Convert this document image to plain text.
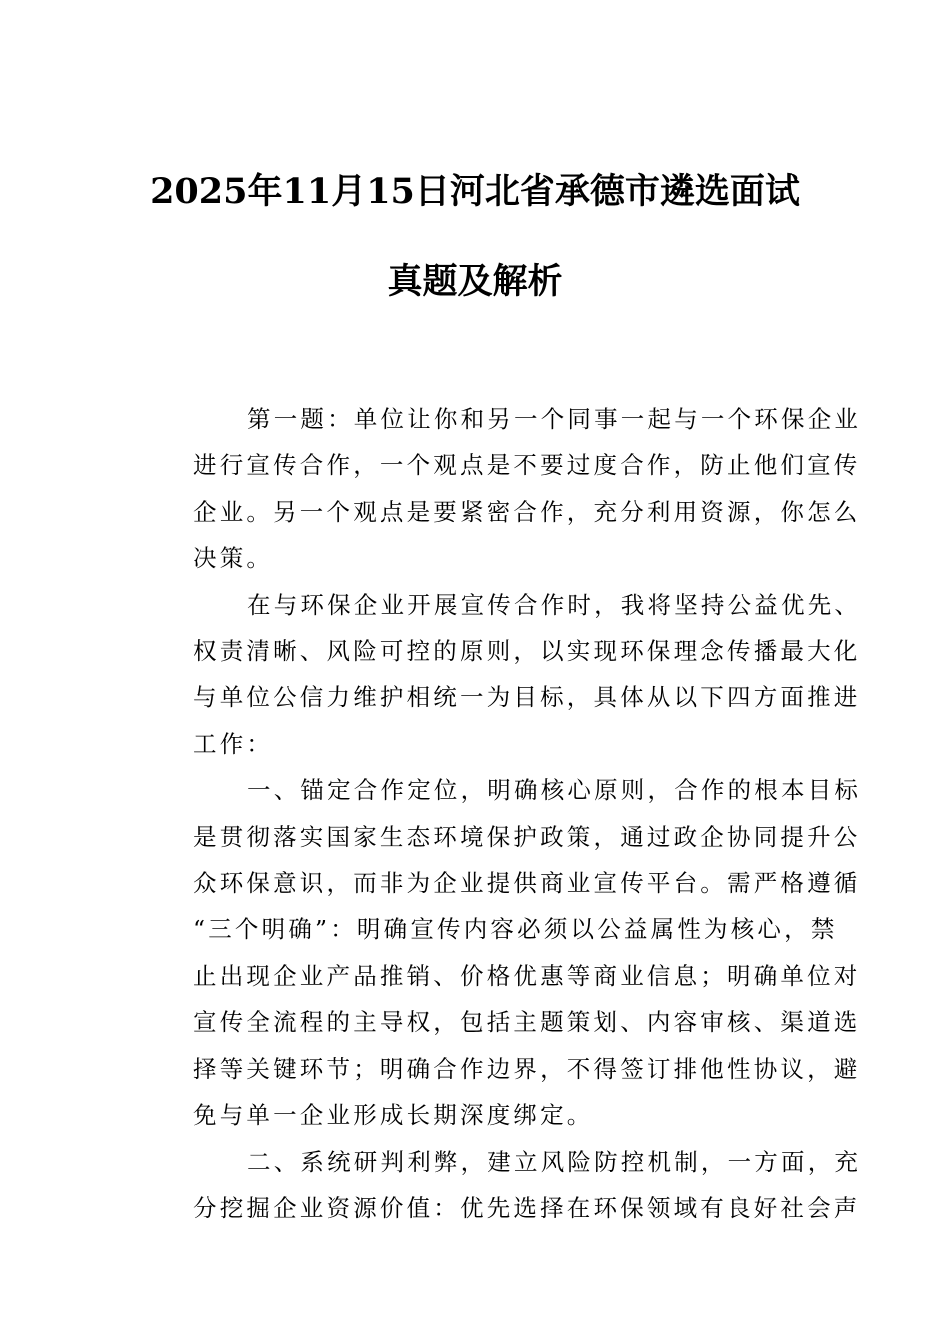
2025年11月15日河北省承德市遴选面试
真题及解析
第一题：单位让你和另一个同事一起与一个环保企业
进行宣传合作，一个观点是不要过度合作，防止他们宣传
企业。另一个观点是要紧密合作，充分利用资源，你怎么
决策。
在与环保企业开展宣传合作时，我将坚持公益优先、
权责清晰、风险可控的原则，以实现环保理念传播最大化
与单位公信力维护相统一为目标，具体从以下四方面推进
工作：
一、锚定合作定位，明确核心原则，合作的根本目标
是贯彻落实国家生态环境保护政策，通过政企协同提升公
众环保意识，而非为企业提供商业宣传平台。需严格遵循
“三个明确”：明确宣传内容必须以公益属性为核心，禁
止出现企业产品推销、价格优惠等商业信息；明确单位对
宣传全流程的主导权，包括主题策划、内容审核、渠道选
择等关键环节；明确合作边界，不得签订排他性协议，避
免与单一企业形成长期深度绑定。
二、系统研判利弊，建立风险防控机制，一方面，充
分挖掘企业资源价值：优先选择在环保领域有良好社会声
